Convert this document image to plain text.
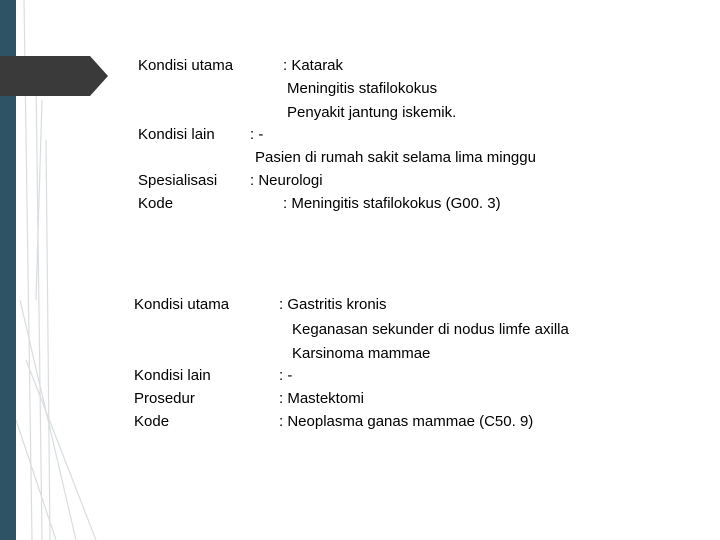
Kondisi utama	: Katarak
Meningitis stafilokokus
Penyakit jantung iskemik.
Kondisi lain : -
Pasien di rumah sakit selama lima minggu
Spesialisasi : Neurologi
Kode	: Meningitis stafilokokus (G00. 3)
Kondisi utama	: Gastritis kronis
Keganasan sekunder di nodus limfe axilla
Karsinoma mammae
Kondisi lain	: -
Prosedur	: Mastektomi
Kode	: Neoplasma ganas mammae (C50. 9)
